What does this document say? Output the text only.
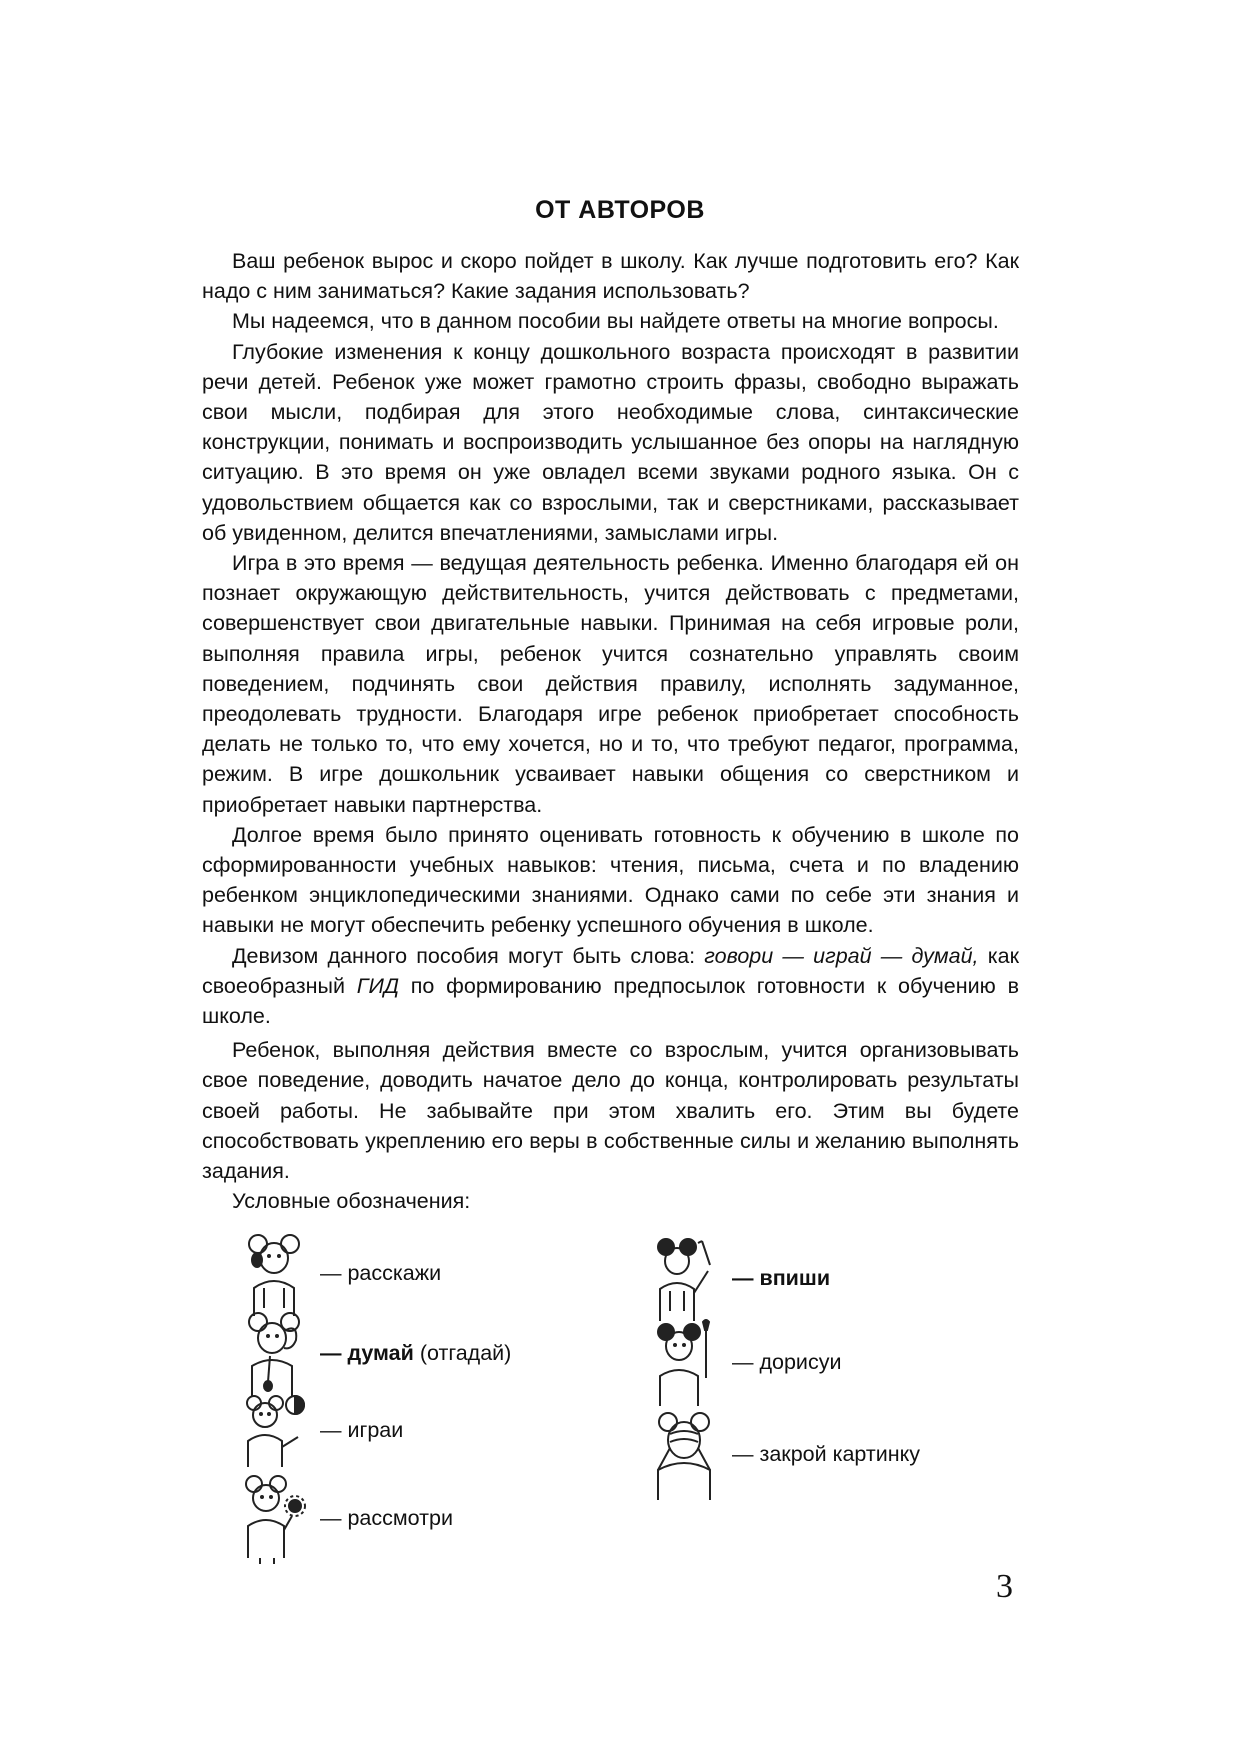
ОТ АВТОРОВ

Ваш ребенок вырос и скоро пойдет в школу. Как лучше подготовить его? Как надо с ним заниматься? Какие задания использовать?

Мы надеемся, что в данном пособии вы найдете ответы на многие вопросы.

Глубокие изменения к концу дошкольного возраста происходят в развитии речи детей. Ребенок уже может грамотно строить фразы, свободно выражать свои мысли, подбирая для этого необходимые слова, синтаксические конструкции, понимать и воспроизводить услышанное без опоры на наглядную ситуацию. В это время он уже овладел всеми звуками родного языка. Он с удовольствием общается как со взрослыми, так и сверстниками, рассказывает об увиденном, делится впечатлениями, замыслами игры.

Игра в это время — ведущая деятельность ребенка. Именно благодаря ей он познает окружающую действительность, учится действовать с предметами, совершенствует свои двигательные навыки. Принимая на себя игровые роли, выполняя правила игры, ребенок учится сознательно управлять своим поведением, подчинять свои действия правилу, исполнять задуманное, преодолевать трудности. Благодаря игре ребенок приобретает способность делать не только то, что ему хочется, но и то, что требуют педагог, программа, режим. В игре дошкольник усваивает навыки общения со сверстником и приобретает навыки партнерства.

Долгое время было принято оценивать готовность к обучению в школе по сформированности учебных навыков: чтения, письма, счета и по владению ребенком энциклопедическими знаниями. Однако сами по себе эти знания и навыки не могут обеспечить ребенку успешного обучения в школе.

Девизом данного пособия могут быть слова: говори — играй — думай, как своеобразный ГИД по формированию предпосылок готовности к обучению в школе.

Ребенок, выполняя действия вместе со взрослым, учится организовывать свое поведение, доводить начатое дело до конца, контролировать результаты своей работы. Не забывайте при этом хвалить его. Этим вы будете способствовать укреплению его веры в собственные силы и желанию выполнять задания.

Условные обозначения:

— расскажи
— думай (отгадай)
— играи
— рассмотри
— впиши
— дорисуи
— закрой картинку
3
